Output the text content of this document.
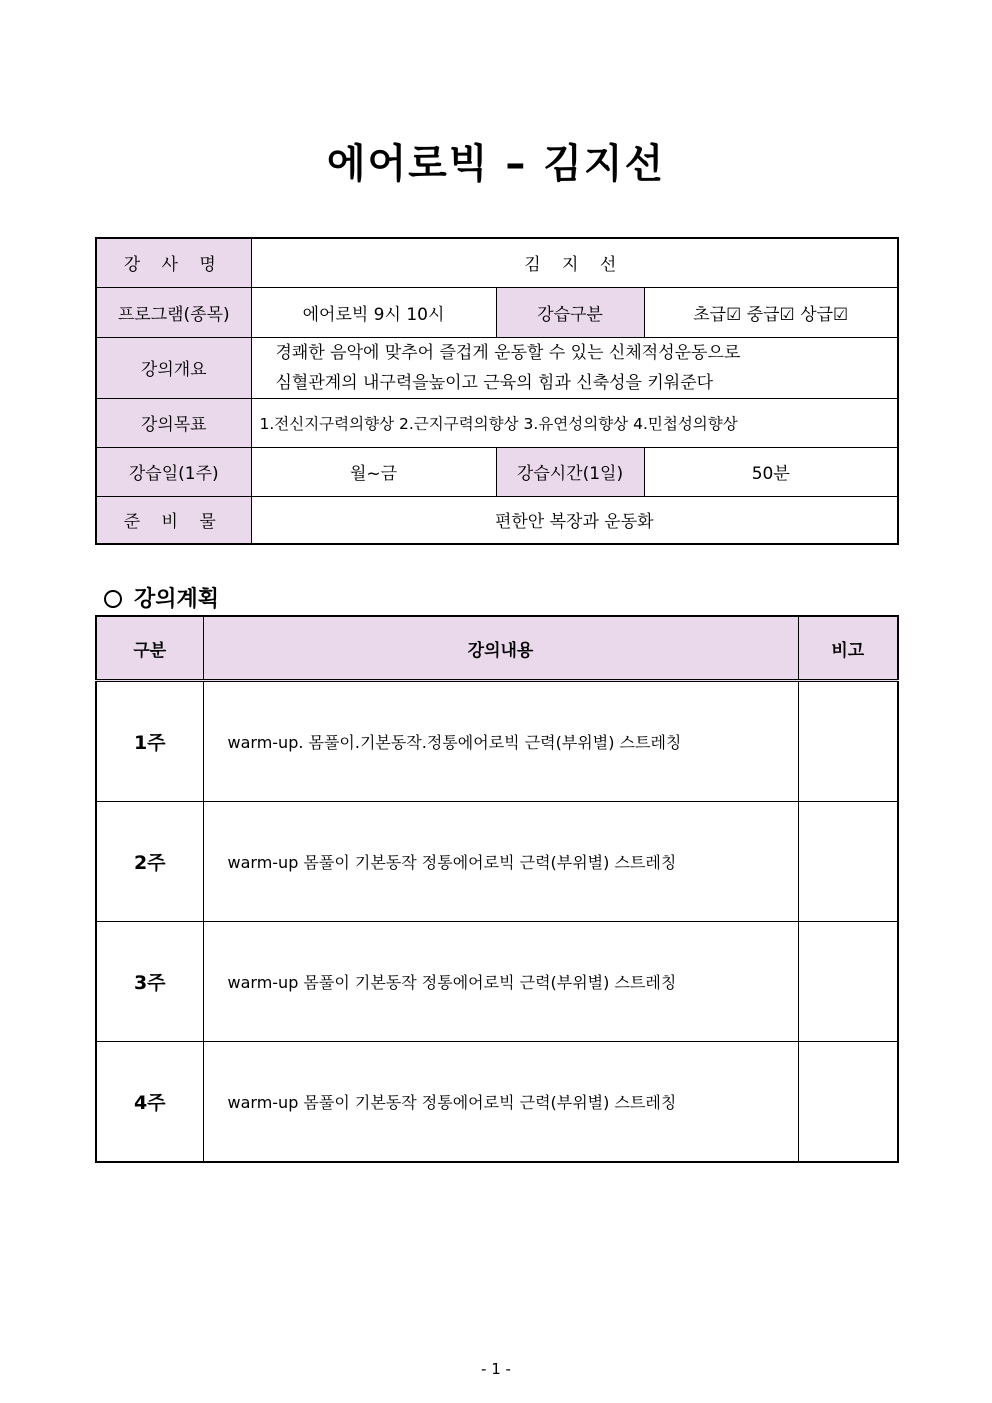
에어로빅 – 김지선
강 사 명	김 지 선		
프로그램(종목)	에어로빅 9시 10시	강습구분	초급☑ 중급☑ 상급☑
강의개요	경쾌한 음악에 맞추어 즐겁게 운동할 수 있는 신체적성운동으로
심혈관계의 내구력을높이고 근육의 힘과 신축성을 키워준다		

강의목표	1.전신지구력의향상 2.근지구력의향상 3.유연성의향상 4.민첩성의향상		
강습일(1주)	월~금	강습시간(1일)	50분
준 비 물	편한안 복장과 운동화		
강의계획
구분	강의내용	비고
1주	warm-up. 몸풀이.기본동작.정통에어로빅 근력(부위별) 스트레칭	
2주	warm-up 몸풀이 기본동작 정통에어로빅 근력(부위별) 스트레칭	
3주	warm-up 몸풀이 기본동작 정통에어로빅 근력(부위별) 스트레칭	
4주	warm-up 몸풀이 기본동작 정통에어로빅 근력(부위별) 스트레칭	
- 1 -
